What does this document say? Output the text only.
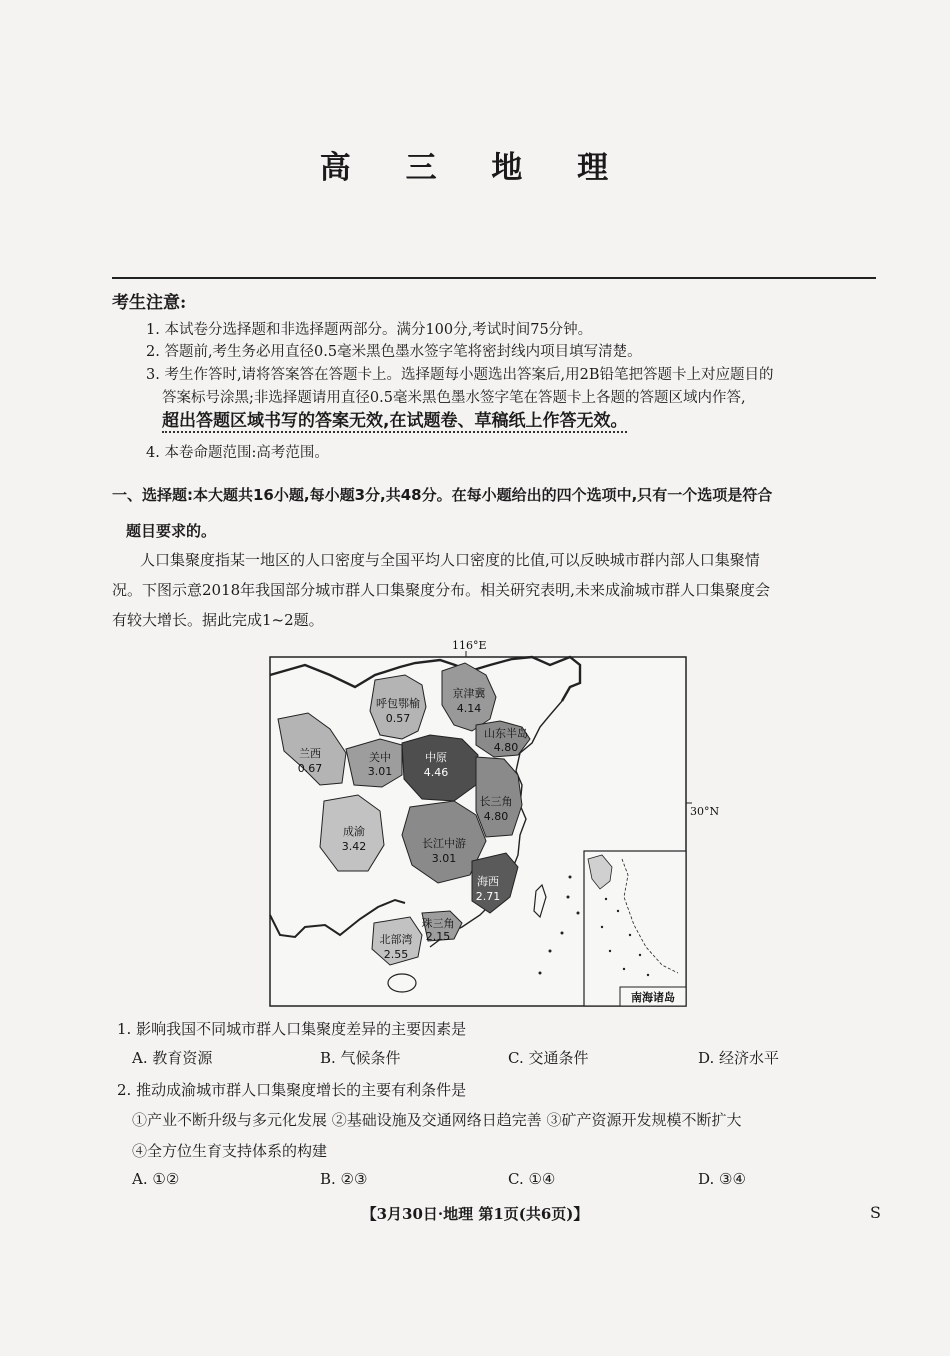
高 三 地 理
考生注意:
1. 本试卷分选择题和非选择题两部分。满分100分,考试时间75分钟。
2. 答题前,考生务必用直径0.5毫米黑色墨水签字笔将密封线内项目填写清楚。
3. 考生作答时,请将答案答在答题卡上。选择题每小题选出答案后,用2B铅笔把答题卡上对应题目的
答案标号涂黑;非选择题请用直径0.5毫米黑色墨水签字笔在答题卡上各题的答题区域内作答,
超出答题区域书写的答案无效,在试题卷、草稿纸上作答无效。
4. 本卷命题范围:高考范围。
一、选择题:本大题共16小题,每小题3分,共48分。在每小题给出的四个选项中,只有一个选项是符合
题目要求的。
人口集聚度指某一地区的人口密度与全国平均人口密度的比值,可以反映城市群内部人口集聚情
况。下图示意2018年我国部分城市群人口集聚度分布。相关研究表明,未来成渝城市群人口集聚度会
有较大增长。据此完成1~2题。
116°E
30°N
南海诸岛
呼包鄂榆
0.57
京津冀
4.14
山东半岛
4.80
兰西
0.67
关中
3.01
中原
4.46
长三角
4.80
成渝
3.42	长江中游
3.01
海西
2.71
珠三角
2.15
北部湾
2.55
1. 影响我国不同城市群人口集聚度差异的主要因素是
A. 教育资源	B. 气候条件	C. 交通条件	D. 经济水平
2. 推动成渝城市群人口集聚度增长的主要有利条件是
①产业不断升级与多元化发展 ②基础设施及交通网络日趋完善 ③矿产资源开发规模不断扩大
④全方位生育支持体系的构建
A. ①②	B. ②③	C. ①④	D. ③④
【3月30日·地理 第1页(共6页)】	S
